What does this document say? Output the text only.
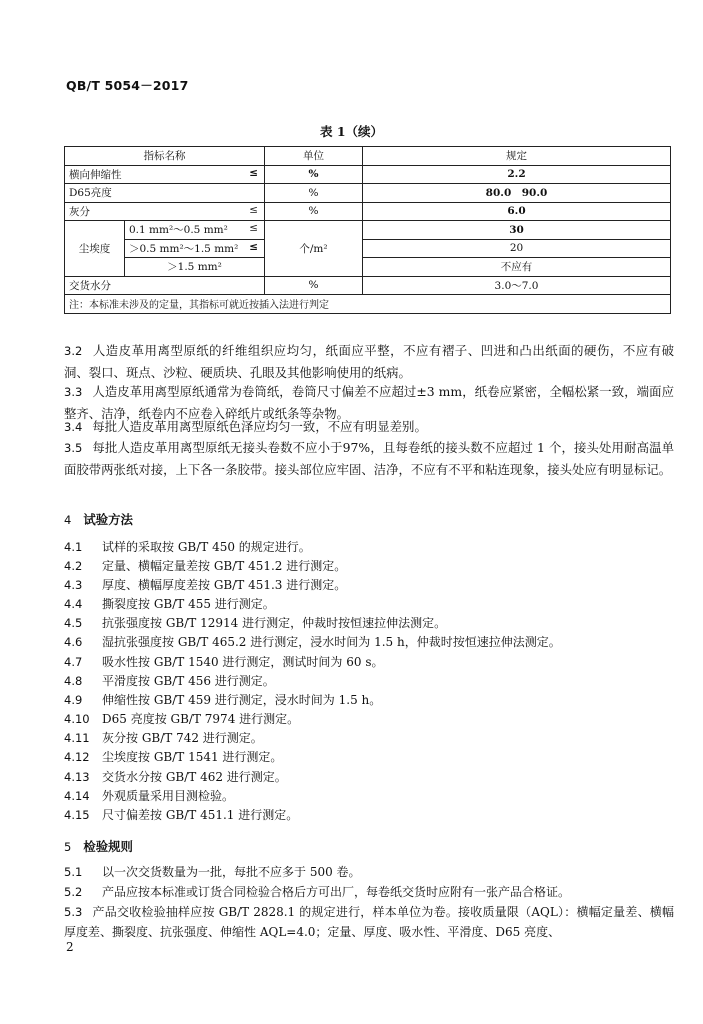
QB/T 5054－2017
表 1（续）
指标名称		单位	规定
横向伸缩性 ≤		%	2.2
D65亮度		%	80.0　90.0
灰分 ≤		%	6.0
尘埃度	0.1 mm²～0.5 mm² ≤	个/m²	30
	＞0.5 mm²～1.5 mm² ≤		20
	＞1.5 mm²		不应有
交货水分		%	3.0～7.0
注：本标准未涉及的定量，其指标可就近按插入法进行判定			

3.2 人造皮革用离型原纸的纤维组织应均匀，纸面应平整，不应有褶子、凹进和凸出纸面的硬伤，不应有破洞、裂口、斑点、沙粒、硬质块、孔眼及其他影响使用的纸病。

3.3 人造皮革用离型原纸通常为卷筒纸，卷筒尺寸偏差不应超过±3 mm，纸卷应紧密，全幅松紧一致，端面应整齐、洁净，纸卷内不应卷入碎纸片或纸条等杂物。

3.4 每批人造皮革用离型原纸色泽应均匀一致，不应有明显差别。

3.5 每批人造皮革用离型原纸无接头卷数不应小于97%，且每卷纸的接头数不应超过 1 个，接头处用耐高温单面胶带两张纸对接，上下各一条胶带。接头部位应牢固、洁净，不应有不平和粘连现象，接头处应有明显标记。

4 试验方法
4.1 试样的采取按 GB/T 450 的规定进行。
4.2 定量、横幅定量差按 GB/T 451.2 进行测定。
4.3 厚度、横幅厚度差按 GB/T 451.3 进行测定。
4.4 撕裂度按 GB/T 455 进行测定。
4.5 抗张强度按 GB/T 12914 进行测定，仲裁时按恒速拉伸法测定。
4.6 湿抗张强度按 GB/T 465.2 进行测定，浸水时间为 1.5 h，仲裁时按恒速拉伸法测定。
4.7 吸水性按 GB/T 1540 进行测定，测试时间为 60 s。
4.8 平滑度按 GB/T 456 进行测定。
4.9 伸缩性按 GB/T 459 进行测定，浸水时间为 1.5 h。
4.10 D65 亮度按 GB/T 7974 进行测定。
4.11 灰分按 GB/T 742 进行测定。
4.12 尘埃度按 GB/T 1541 进行测定。
4.13 交货水分按 GB/T 462 进行测定。
4.14 外观质量采用目测检验。
4.15 尺寸偏差按 GB/T 451.1 进行测定。
5 检验规则
5.1 以一次交货数量为一批，每批不应多于 500 卷。
5.2 产品应按本标准或订货合同检验合格后方可出厂，每卷纸交货时应附有一张产品合格证。

5.3 产品交收检验抽样应按 GB/T 2828.1 的规定进行，样本单位为卷。接收质量限（AQL）：横幅定量差、横幅厚度差、撕裂度、抗张强度、伸缩性 AQL=4.0；定量、厚度、吸水性、平滑度、D65 亮度、

2
